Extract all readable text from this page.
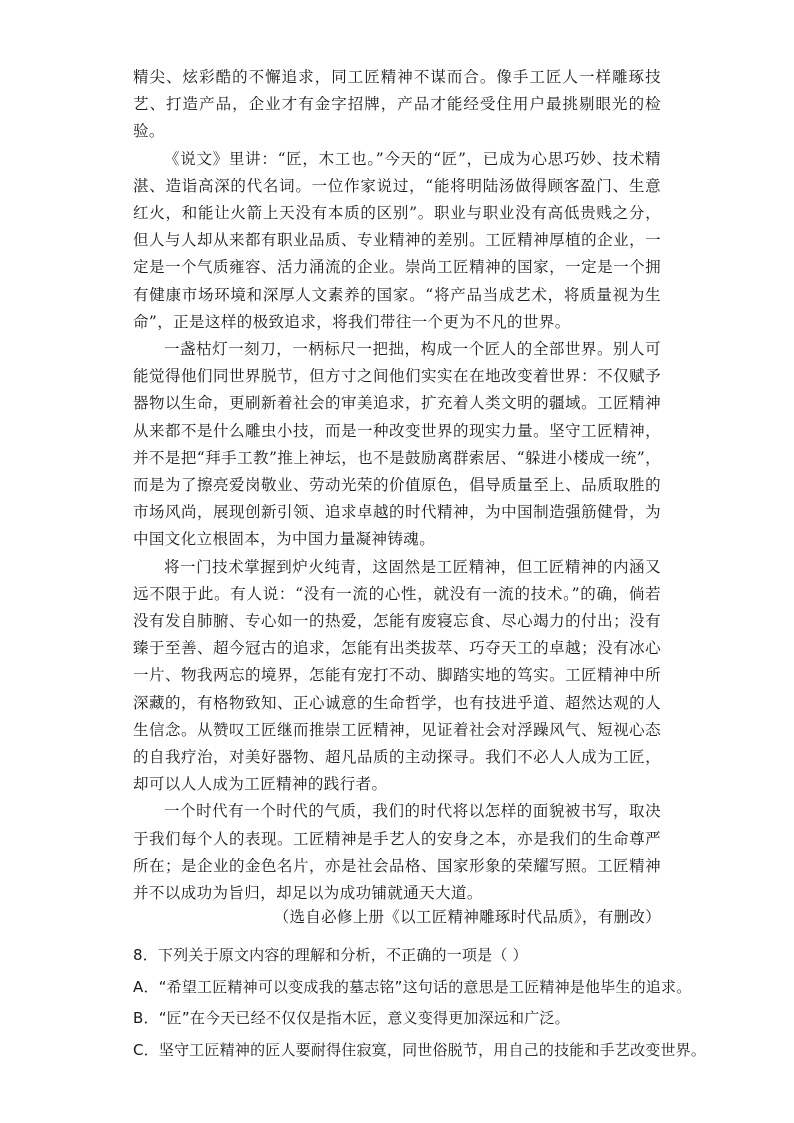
精尖、炫彩酷的不懈追求，同工匠精神不谋而合。像手工匠人一样雕琢技艺、打造产品，企业才有金字招牌，产品才能经受住用户最挑剔眼光的检验。

《说文》里讲：“匠，木工也。”今天的“匠”，已成为心思巧妙、技术精湛、造诣高深的代名词。一位作家说过，“能将明陆汤做得顾客盈门、生意红火，和能让火箭上天没有本质的区别”。职业与职业没有高低贵贱之分，但人与人却从来都有职业品质、专业精神的差别。工匠精神厚植的企业，一定是一个气质雍容、活力涌流的企业。崇尚工匠精神的国家，一定是一个拥有健康市场环境和深厚人文素养的国家。“将产品当成艺术，将质量视为生命”，正是这样的极致追求，将我们带往一个更为不凡的世界。

一盏枯灯一刻刀，一柄标尺一把拙，构成一个匠人的全部世界。别人可能觉得他们同世界脱节，但方寸之间他们实实在在地改变着世界：不仅赋予器物以生命，更刷新着社会的审美追求，扩充着人类文明的疆域。工匠精神从来都不是什么雕虫小技，而是一种改变世界的现实力量。坚守工匠精神，并不是把“拜手工教”推上神坛，也不是鼓励离群索居、“躲进小楼成一统”，而是为了擦亮爱岗敬业、劳动光荣的价值原色，倡导质量至上、品质取胜的市场风尚，展现创新引领、追求卓越的时代精神，为中国制造强筋健骨，为中国文化立根固本，为中国力量凝神铸魂。

将一门技术掌握到炉火纯青，这固然是工匠精神，但工匠精神的内涵又远不限于此。有人说：“没有一流的心性，就没有一流的技术。”的确，倘若没有发自肺腑、专心如一的热爱，怎能有废寝忘食、尽心竭力的付出；没有臻于至善、超今冠古的追求，怎能有出类拔萃、巧夺天工的卓越；没有冰心一片、物我两忘的境界，怎能有宠打不动、脚踏实地的笃实。工匠精神中所深藏的，有格物致知、正心诚意的生命哲学，也有技进乎道、超然达观的人生信念。从赞叹工匠继而推崇工匠精神，见证着社会对浮躁风气、短视心态的自我疗治，对美好器物、超凡品质的主动探寻。我们不必人人成为工匠，却可以人人成为工匠精神的践行者。

一个时代有一个时代的气质，我们的时代将以怎样的面貌被书写，取决于我们每个人的表现。工匠精神是手艺人的安身之本，亦是我们的生命尊严所在；是企业的金色名片，亦是社会品格、国家形象的荣耀写照。工匠精神并不以成功为旨归，却足以为成功铺就通天大道。

（选自必修上册《以工匠精神雕琢时代品质》，有删改）
8．下列关于原文内容的理解和分析，不正确的一项是（ ）
A．“希望工匠精神可以变成我的墓志铭”这句话的意思是工匠精神是他毕生的追求。
B．“匠”在今天已经不仅仅是指木匠，意义变得更加深远和广泛。
C．坚守工匠精神的匠人要耐得住寂寞，同世俗脱节，用自己的技能和手艺改变世界。
